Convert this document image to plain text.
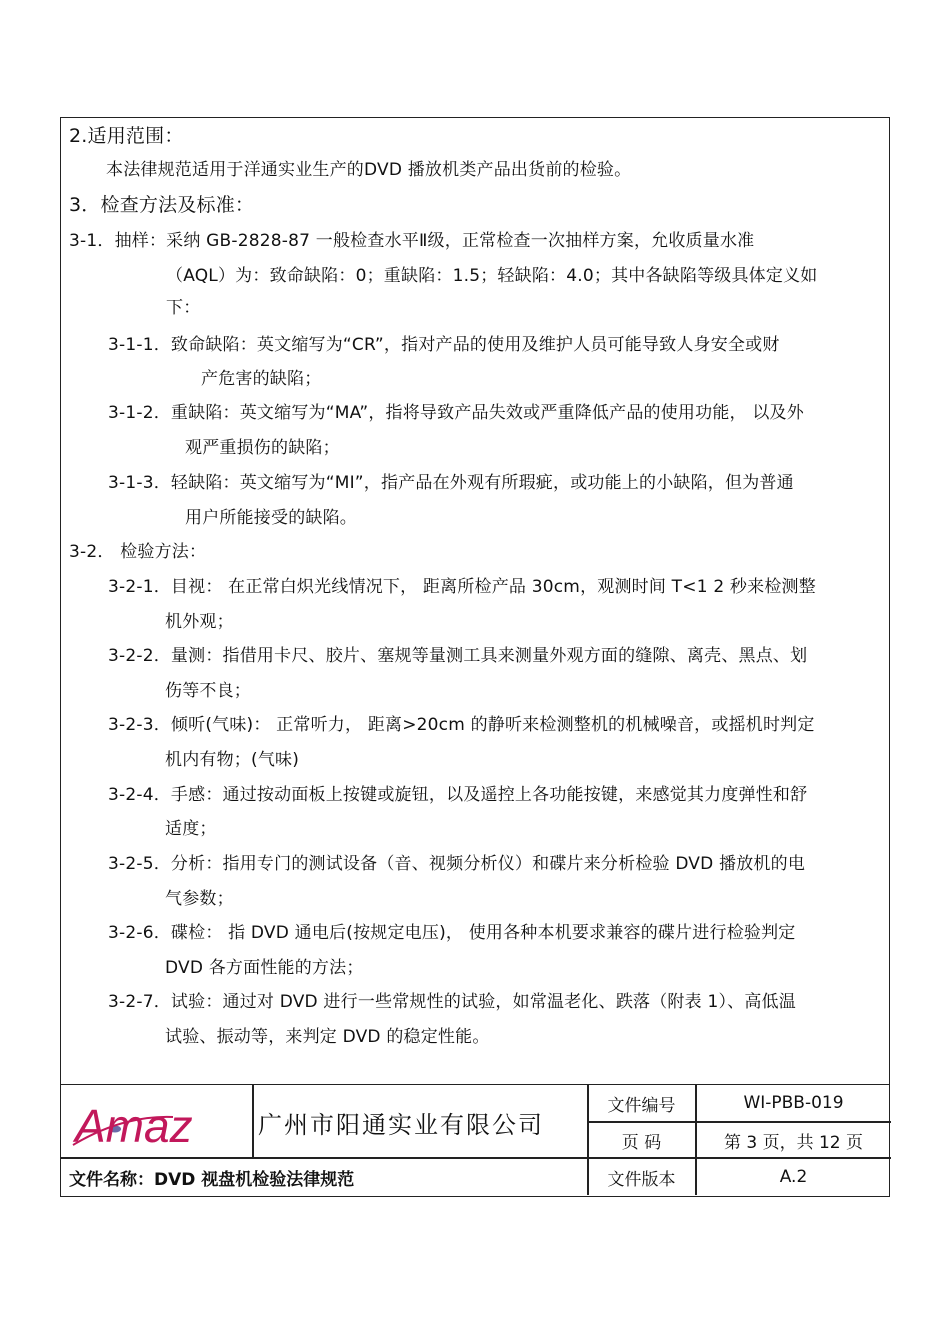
2.适用范围：
本法律规范适用于洋通实业生产的DVD 播放机类产品出货前的检验。
3．检查方法及标准：
3-1．抽样：采纳 GB-2828-87 一般检查水平Ⅱ级，正常检查一次抽样方案，允收质量水准
（AQL）为：致命缺陷：0；重缺陷：1.5；轻缺陷：4.0；其中各缺陷等级具体定义如
下：
3-1-1．致命缺陷：英文缩写为“CR”，指对产品的使用及维护人员可能导致人身安全或财
产危害的缺陷；
3-1-2．重缺陷：英文缩写为“MA”，指将导致产品失效或严重降低产品的使用功能， 以及外
观严重损伤的缺陷；
3-1-3．轻缺陷：英文缩写为“MI”，指产品在外观有所瑕疵，或功能上的小缺陷，但为普通
用户所能接受的缺陷。
3-2． 检验方法：
3-2-1．目视： 在正常白炽光线情况下， 距离所检产品 30cm，观测时间 T<1 2 秒来检测整
机外观；
3-2-2．量测：指借用卡尺、胶片、塞规等量测工具来测量外观方面的缝隙、离壳、黑点、划
伤等不良；
3-2-3．倾听(气味)： 正常听力， 距离>20cm 的静听来检测整机的机械噪音，或摇机时判定
机内有物；(气味)
3-2-4．手感：通过按动面板上按键或旋钮，以及遥控上各功能按键，来感觉其力度弹性和舒
适度；
3-2-5．分析：指用专门的测试设备（音、视频分析仪）和碟片来分析检验 DVD 播放机的电
气参数；
3-2-6．碟检： 指 DVD 通电后(按规定电压)， 使用各种本机要求兼容的碟片进行检验判定
DVD 各方面性能的方法；
3-2-7．试验：通过对 DVD 进行一些常规性的试验，如常温老化、跌落（附表 1）、高低温
试验、振动等，来判定 DVD 的稳定性能。
Amaz	广州市阳通实业有限公司
文件编号	WI-PBB-019
页 码	第 3 页，共 12 页
文件名称：DVD 视盘机检验法律规范	文件版本	A.2
